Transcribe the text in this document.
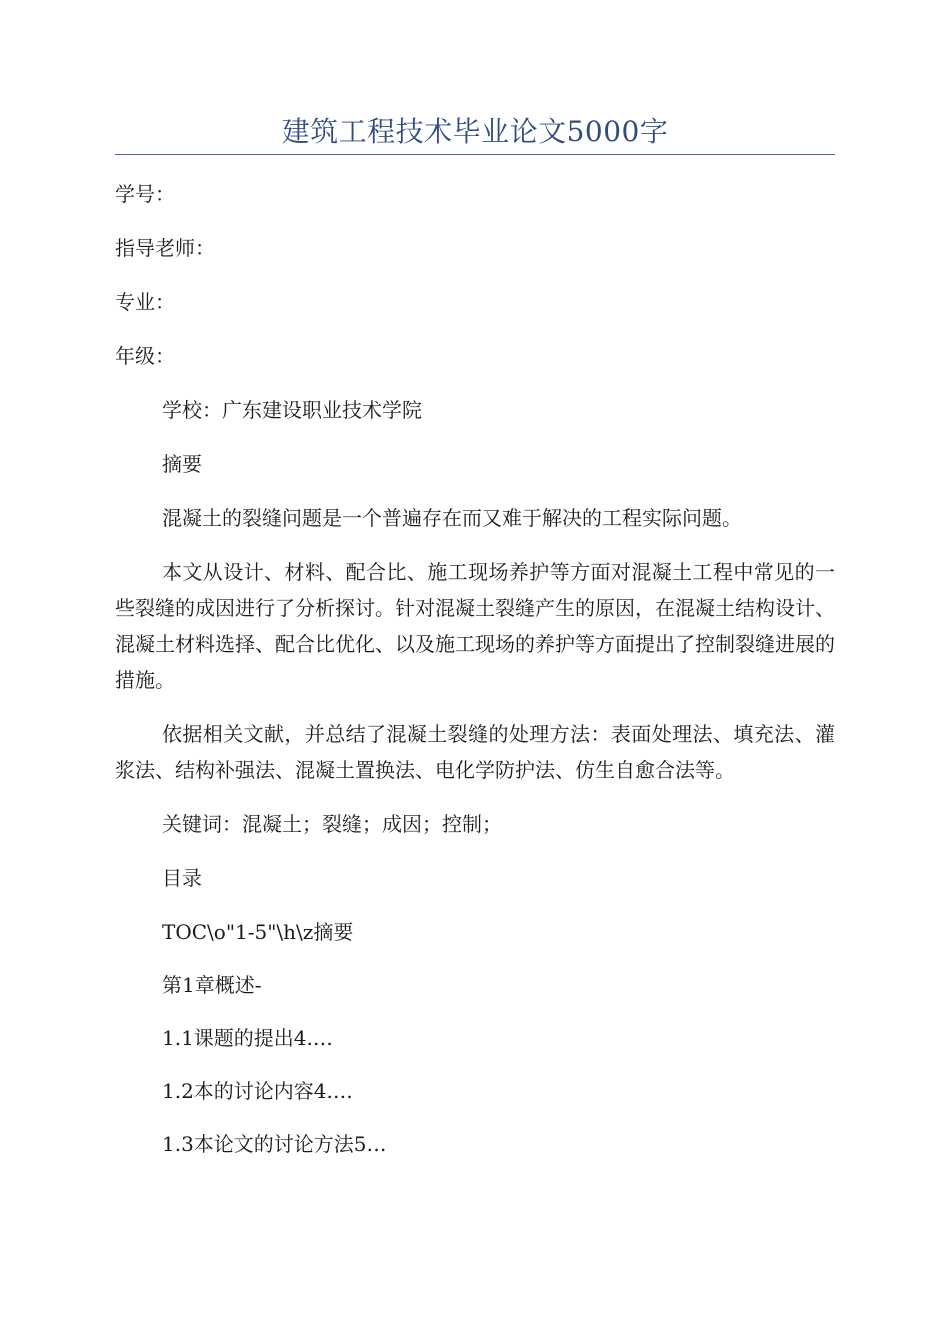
建筑工程技术毕业论文5000字

学号：

指导老师：

专业：

年级：

学校：广东建设职业技术学院

摘要

混凝土的裂缝问题是一个普遍存在而又难于解决的工程实际问题。

本文从设计、材料、配合比、施工现场养护等方面对混凝土工程中常见的一些裂缝的成因进行了分析探讨。针对混凝土裂缝产生的原因，在混凝土结构设计、混凝土材料选择、配合比优化、以及施工现场的养护等方面提出了控制裂缝进展的措施。

依据相关文献，并总结了混凝土裂缝的处理方法：表面处理法、填充法、灌浆法、结构补强法、混凝土置换法、电化学防护法、仿生自愈合法等。

关键词：混凝土；裂缝；成因；控制；

目录

TOC\o"1-5"\h\z摘要

第1章概述-

1.1课题的提出4.…

1.2本的讨论内容4.…

1.3本论文的讨论方法5…
